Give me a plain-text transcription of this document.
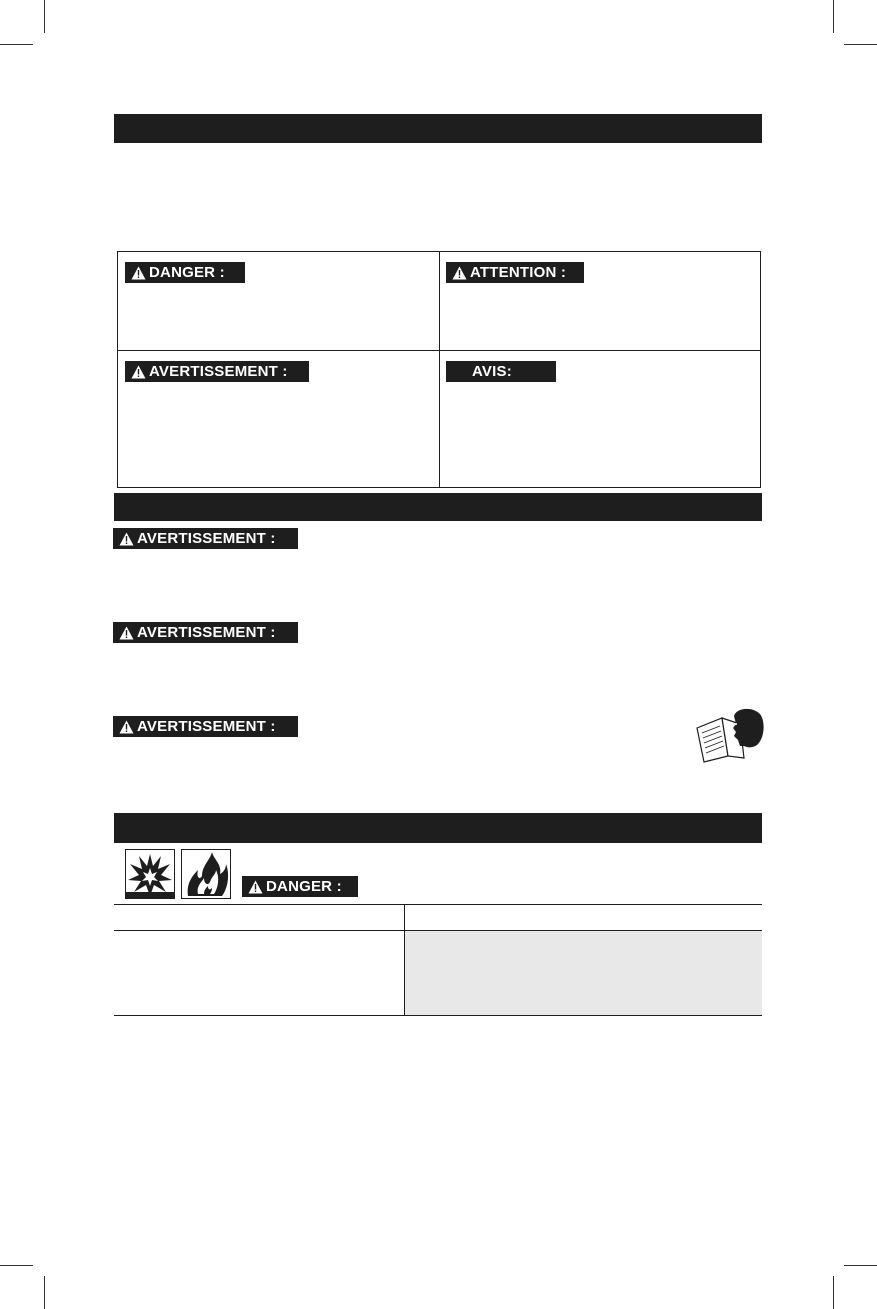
DANGER :	ATTENTION :
AVERTISSEMENT :	AVIS:
AVERTISSEMENT :
AVERTISSEMENT :
AVERTISSEMENT :
DANGER :
